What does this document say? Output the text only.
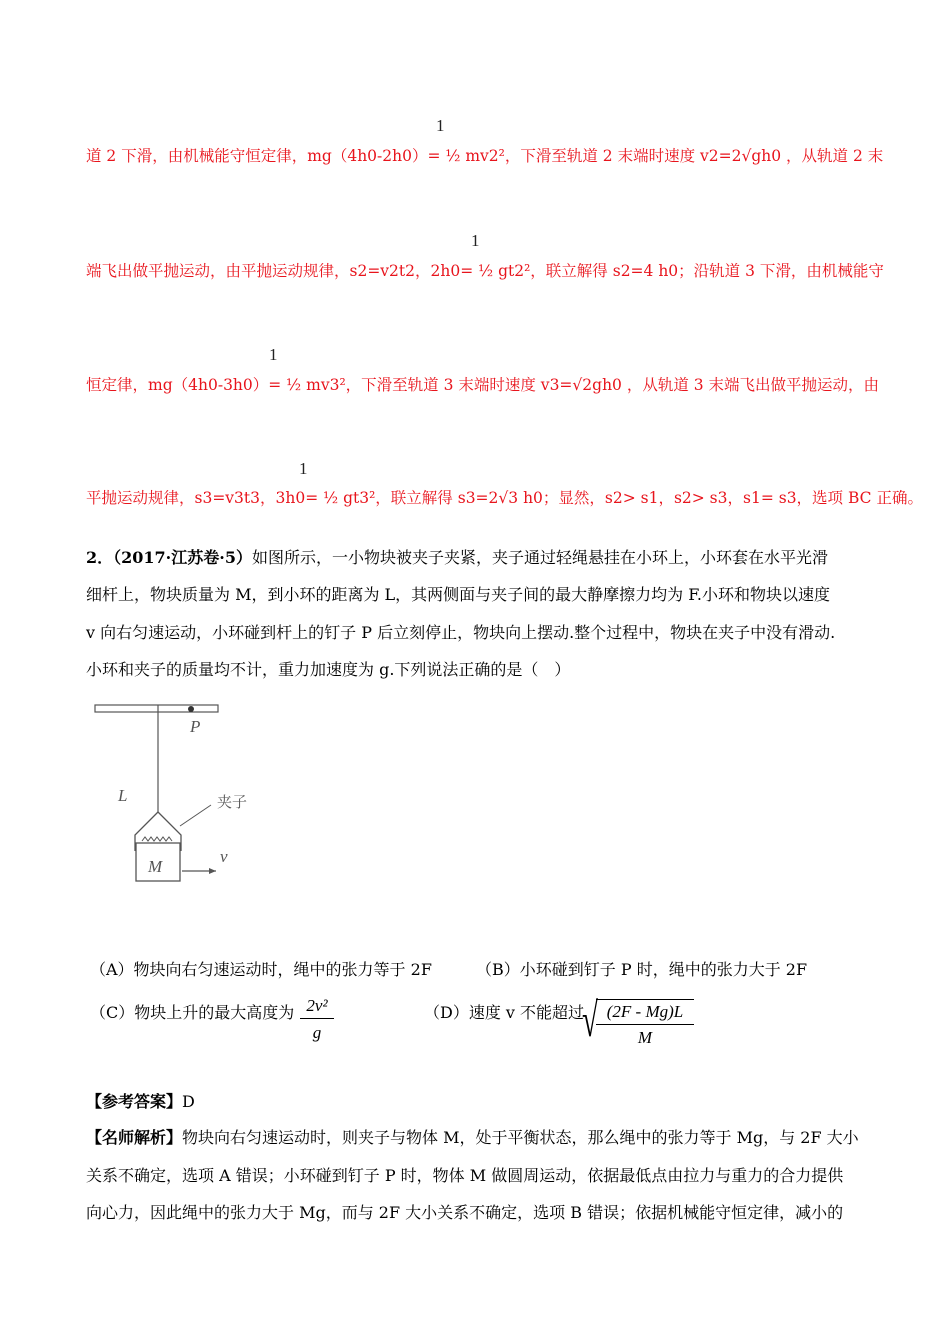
1
道 2 下滑，由机械能守恒定律，mg（4h0-2h0）= ½ mv2²，下滑至轨道 2 末端时速度 v2=2√gh0 ，从轨道 2 末
1
端飞出做平抛运动，由平抛运动规律，s2=v2t2，2h0= ½ gt2²，联立解得 s2=4 h0；沿轨道 3 下滑，由机械能守
1
恒定律，mg（4h0-3h0）= ½ mv3²，下滑至轨道 3 末端时速度 v3=√2gh0 ，从轨道 3 末端飞出做平抛运动，由
1
平抛运动规律，s3=v3t3，3h0= ½ gt3²，联立解得 s3=2√3 h0；显然，s2> s1，s2> s3，s1= s3，选项 BC 正确。
2．（2017·江苏卷·5）如图所示，一小物块被夹子夹紧，夹子通过轻绳悬挂在小环上，小环套在水平光滑
细杆上，物块质量为 M，到小环的距离为 L，其两侧面与夹子间的最大静摩擦力均为 F.小环和物块以速度
v 向右匀速运动，小环碰到杆上的钉子 P 后立刻停止，物块向上摆动.整个过程中，物块在夹子中没有滑动.
小环和夹子的质量均不计，重力加速度为 g.下列说法正确的是（　）
P
L	夹子
M
v
（A）物块向右匀速运动时，绳中的张力等于 2F	（B）小环碰到钉子 P 时，绳中的张力大于 2F
（C）物块上升的最大高度为 $\frac{\text{2v²}}{g}$	（D）速度 v 不能超过
√
$\frac{(2F - Mg)L}{M}$
【参考答案】D
【名师解析】物块向右匀速运动时，则夹子与物体 M，处于平衡状态，那么绳中的张力等于 Mg，与 2F 大小
关系不确定，选项 A 错误；小环碰到钉子 P 时，物体 M 做圆周运动，依据最低点由拉力与重力的合力提供
向心力，因此绳中的张力大于 Mg，而与 2F 大小关系不确定，选项 B 错误；依据机械能守恒定律，减小的
